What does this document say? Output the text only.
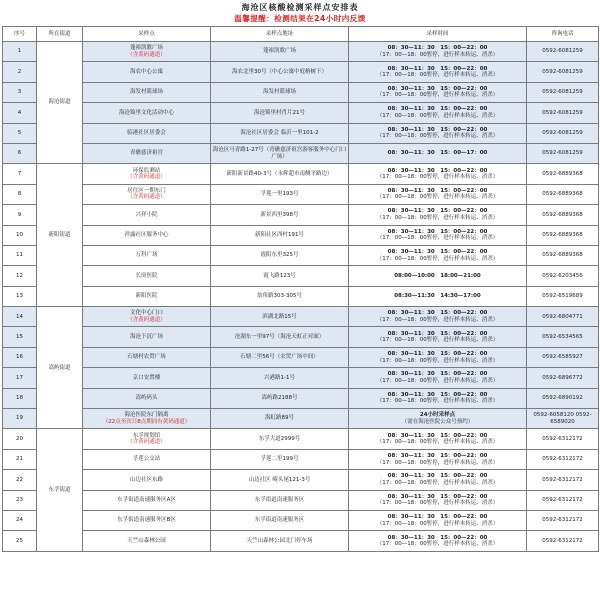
海沧区核酸检测采样点安排表
温馨提醒：检测结果在24小时内反馈
序号	所在街道	采样点	采样点地址	采样时间	咨询电话
1	海沧街道	蓬裕凯歌广场
（含黄码通道）	蓬裕凯歌广场	08：30—11：30　15：00—22：00
（17：00—18：00暂停，进行样本转运、消杀）	0592-6081259
2		海农中心公寓	海农北里30号（中心公寓中庭榕树下）	08：30—11：30　15：00—22：00
（17：00—18：00暂停，进行样本转运、消杀）	0592-6081259
3		海发村篮球场	海发村篮球场	08：30—11：30　15：00—22：00
（17：00—18：00暂停，进行样本转运、消杀）	0592-6081259
4		海沧锦里文化活动中心	海沧锦里村肖片21号	08：30—11：30　15：00—22：00
（17：00—18：00暂停，进行样本转运、消杀）	0592-6081259
5		临港社区居委会	海沧社区居委会 临沂一里101-2	08：30—11：30　15：00—22：00
（17：00—18：00暂停，进行样本转运、消杀）	0592-6081259
6		青礁慈济祖宫	海沧区马青路1-27号（青礁慈济祖宫游客服务中心门口广场）	08：30—11：30　15：00—17：00	0592-6081259
7	新阳街道	环保监测站
（含黄码通道）	新阳新景路40-3号（永辉超市南侧平路边）	08：30—11：30　15：00—22：00
（17：00—18：00暂停，进行样本转运、消杀）	0592-6889368
8		居住区一期东门
（含黄码通道）	孚莲一里193号	08：30—11：30　15：00—22：00
（17：00—18：00暂停，进行样本转运、消杀）	0592-6889368
9		兴祥小院	新景西里398号	08：30—11：30　15：00—22：00
（17：00—18：00暂停，进行样本转运、消杀）	0592-6889368
10		祥露社区服务中心	新阳社区西村191号	08：30—11：30　15：00—22：00
（17：00—18：00暂停，进行样本转运、消杀）	0592-6889368
11		万科广场	霞阳东里325号	08：30—11：30　15：00—22：00
（17：00—18：00暂停，进行样本转运、消杀）	0592-6889368
12		长庚医院	霞飞路123号	08:00—10:00　18:00—21:00	0592-6203456
13		新阳医院	翁角路303-305号	08:30—11:30　14:30—17:00	0592-6519689
14	嵩屿街道	文化中心门口
（含黄码通道）	滨湖北路15号	08：30—11：30　15：00—22：00
（17：00—18：00暂停，进行样本转运、消杀）	0592-6804771
15		海沧下沉广场	沧湖东一里97号（海沧天虹正对面）	08：30—11：30　15：00—22：00
（17：00—18：00暂停，进行样本转运、消杀）	0592-6534565
16		石塘村农贸广场	石塘二里56号（农贸广场中间）	08：30—11：30　15：00—22：00
（17：00—18：00暂停，进行样本转运、消杀）	0592-6585927
17		京口安置楼	兴港路1-1号	08：30—11：30　15：00—22：00
（17：00—18：00暂停，进行样本转运、消杀）	0592-6896772
18		嵩屿码头	嵩屿路2188号	08：30—11：30　15：00—22：00
（17：00—18：00暂停，进行样本转运、消杀）	0592-6890192
19		海沧医院东门隔离
（22点至次日8点期间有黄码通道）	海虹路89号	24小时采样点
（需在海沧医院公众号预约）	0592-6058120 0592-6589020
20	东孚街道	东孚规划馆
（含黄码通道）	东孚大道2999号	08：30—11：30　15：00—22：00
（17：00—18：00暂停，进行样本转运、消杀）	0592-6312172
21		孚莲公交站	孚莲二里199号	08：30—11：30　15：00—22：00
（17：00—18：00暂停，进行样本转运、消杀）	0592-6312172
22		山边社区东路	山边社区 崎头尾121-3号	08：30—11：30　15：00—22：00
（17：00—18：00暂停，进行样本转运、消杀）	0592-6312172
23		东孚街道南速服务区A区	东孚街道南速服务区	08：30—11：30　15：00—22：00
（17：00—18：00暂停，进行样本转运、消杀）	0592-6312172
24		东孚街道南速服务区B区	东孚街道南速服务区	08：30—11：30　15：00—22：00
（17：00—18：00暂停，进行样本转运、消杀）	0592-6312172
25		天竺山森林公园	天竺山森林公园北门停车场	08：30—11：30　15：00—22：00
（17：00—18：00暂停，进行样本转运、消杀）	0592-6312172
